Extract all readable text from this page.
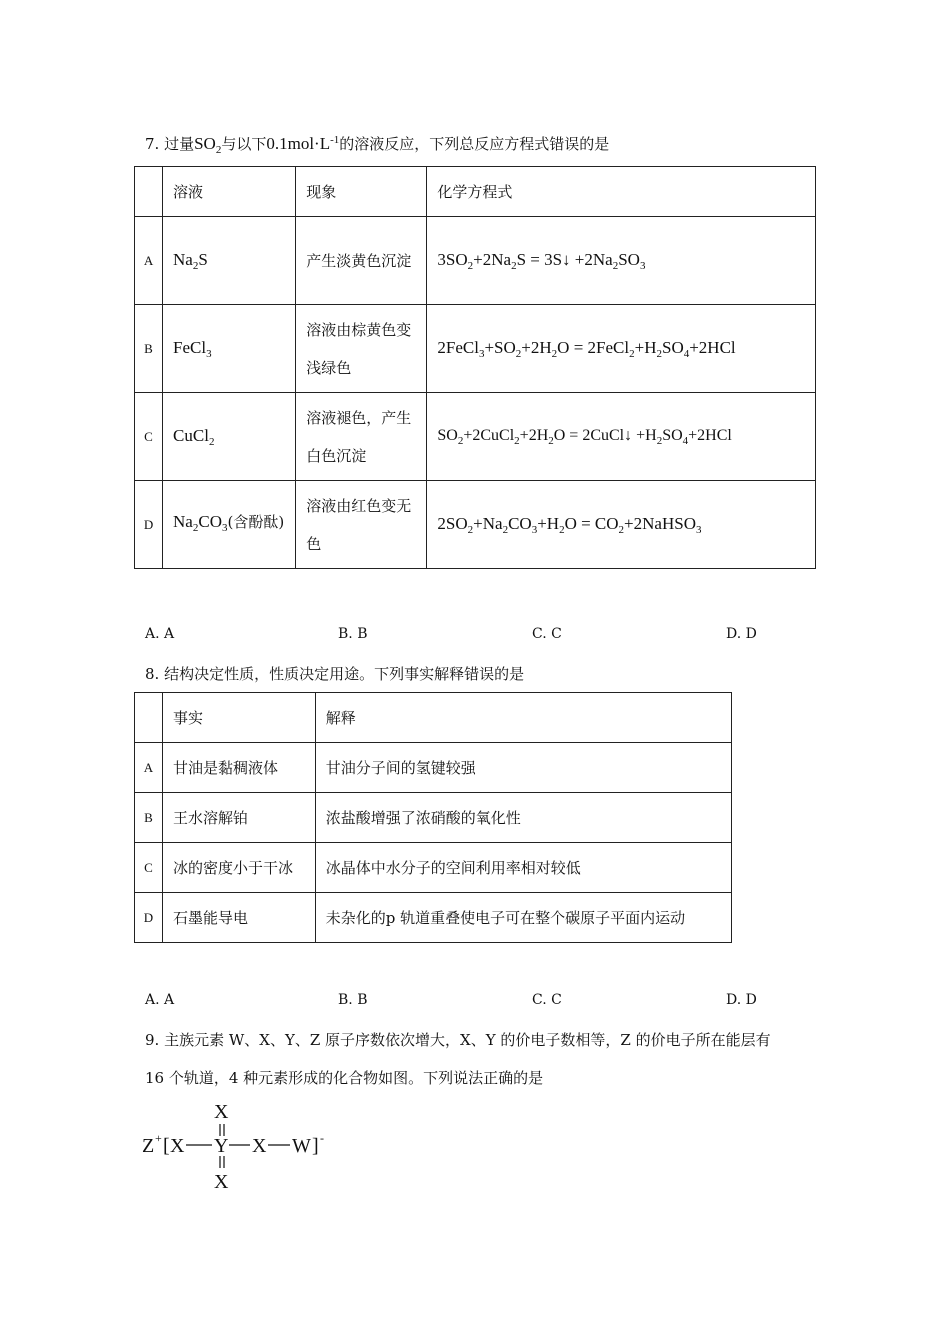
7. 过量$SO_2$与以下$0.1mol\cdot L^{-1}$的溶液反应，下列总反应方程式错误的是
	溶液	现象	化学方程式
A	$Na_2S$	产生淡黄色沉淀	$3SO_2+2Na_2S$ = 3S↓ $+2Na_2SO_3$
B	FeCl$_3$	溶液由棕黄色变浅绿色	$2FeCl_3+SO_2+2H_2O$ = $2FeCl_2+H_2SO_4+2HCl$
C	CuCl$_2$	溶液褪色，产生白色沉淀	$SO_2+2CuCl_2+2H_2O$ = 2CuCl↓ $+H_2SO_4+2HCl$
D	$Na_2CO_3$(含酚酞)	溶液由红色变无色	$2SO_2+Na_2CO_3+H_2O$ = $CO_2+2NaHSO_3$
A. A	B. B	C. C	D. D
8. 结构决定性质，性质决定用途。下列事实解释错误的是
	事实	解释
A	甘油是黏稠液体	甘油分子间的氢键较强
B	王水溶解铂	浓盐酸增强了浓硝酸的氧化性
C	冰的密度小于干冰	冰晶体中水分子的空间利用率相对较低
D	石墨能导电	未杂化的p 轨道重叠使电子可在整个碳原子平面内运动
A. A	B. B	C. C	D. D
9. 主族元素 W、X、Y、Z 原子序数依次增大，X、Y 的价电子数相等，Z 的价电子所在能层有
16 个轨道，4 种元素形成的化合物如图。下列说法正确的是
X
Z + [ X Y X W ] -
X
